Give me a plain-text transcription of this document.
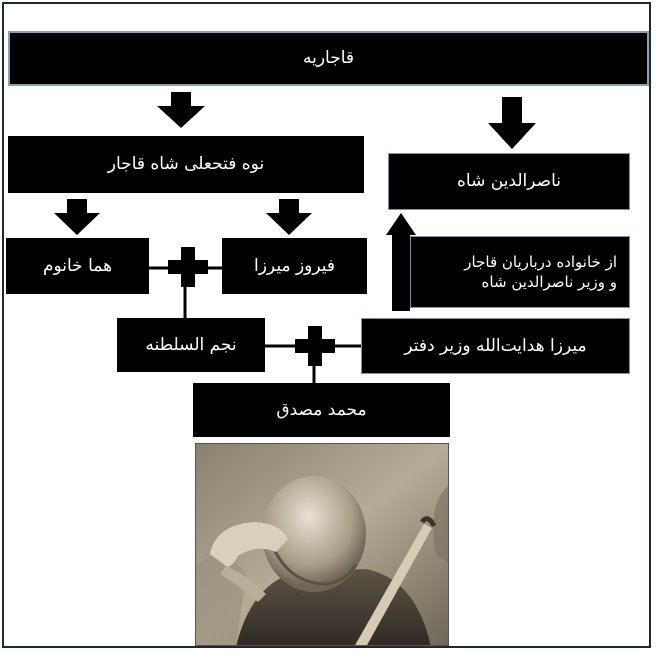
قاجاریه
نوه فتحعلی شاه قاجار
ناصرالدین شاه
هما خانوم	فیروز میرزا	از خانواده درباریان قاجار
و وزیر ناصرالدین شاه
نجم السلطنه	میرزا هدایت‌الله وزیر دفتر
محمد مصدق
